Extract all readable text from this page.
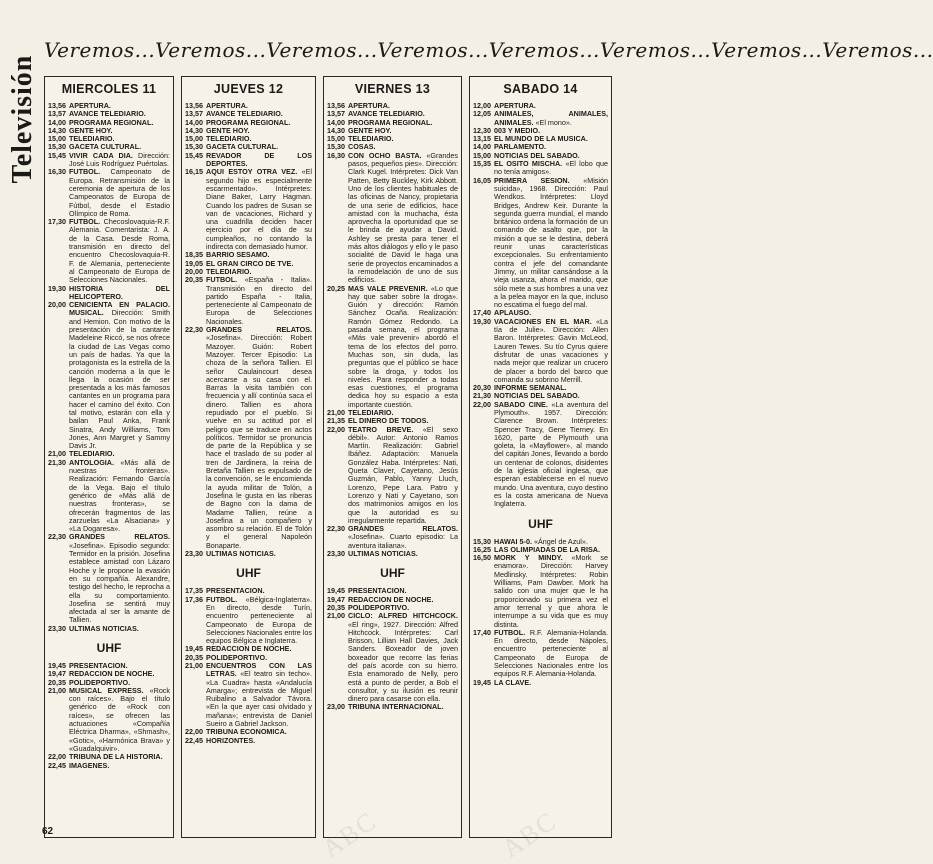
Televisión
Veremos...Veremos...Veremos...Veremos...Veremos...Veremos...Veremos...Veremos...
MIERCOLES 11
13,56 APERTURA.
13,57 AVANCE TELEDIARIO.
14,00 PROGRAMA REGIONAL.
14,30 GENTE HOY.
15,00 TELEDIARIO.
15,30 GACETA CULTURAL.
15,45 VIVIR CADA DIA. Dirección: José Luis Rodríguez Puértolas.
16,30 FUTBOL. Campeonato de Europa. Retransmisión de la ceremonia de apertura de los Campeonatos de Europa de Fútbol, desde el Estadio Olímpico de Roma.
17,30 FUTBOL. Checoslovaquia-R.F. Alemania. Comentarista: J. A. de la Casa. Desde Roma, transmisión en directo del encuentro Checoslovaquia-R. F. de Alemania, perteneciente al Campeonato de Europa de Selecciones Nacionales.
19,30 HISTORIA DEL HELICOPTERO.
20,00 CENICIENTA EN PALACIO. MUSICAL. Dirección: Smith and Hemion. Con motivo de la presentación de la cantante Madeleine Riccó, se nos ofrece la ciudad de Las Vegas como un país de hadas. Ya que la protagonista es la estrella de la canción moderna a la que le llega la ocasión de ser presentada a los más famosos cantantes en un programa para hacer el camino del éxito. Con tal motivo, estarán con ella y bailan Paul Anka, Frank Sinatra, Andy Williams, Tom Jones, Ann Margret y Sammy Davis Jr.
21,00 TELEDIARIO.
21,30 ANTOLOGIA. «Más allá de nuestras fronteras». Realización: Fernando García de la Vega. Bajo el título genérico de «Más allá de nuestras fronteras», se ofrecerán fragmentos de las zarzuelas «La Alsaciana» y «La Dogaresa».
22,30 GRANDES RELATOS. «Josefina». Episodio segundo: Termidor en la prisión. Josefina establece amistad con Lázaro Hoche y le propone la evasión en su compañía. Alexandre, testigo del hecho, le reprocha a ella su comportamiento. Josefina se sentirá muy afectada al ser la amante de Tallien.
23,30 ULTIMAS NOTICIAS.
UHF
19,45 PRESENTACION.
19,47 REDACCION DE NOCHE.
20,35 POLIDEPORTIVO.
21,00 MUSICAL EXPRESS. «Rock con raíces». Bajo el título genérico de «Rock con raíces», se ofrecen las actuaciones «Compañía Eléctrica Dharma», «Shmash», «Gotic», «Harmónica Brava» y «Guadalquivir».
22,00 TRIBUNA DE LA HISTORIA.
22,45 IMAGENES.
JUEVES 12
13,56 APERTURA.
13,57 AVANCE TELEDIARIO.
14,00 PROGRAMA REGIONAL.
14,30 GENTE HOY.
15,00 TELEDIARIO.
15,30 GACETA CULTURAL.
15,45 REVADOR DE LOS DEPORTES.
16,15 AQUI ESTOY OTRA VEZ. «El segundo hijo es especialmente escarmentado». Intérpretes: Diane Baker, Larry Hagman. Cuando los padres de Susan se van de vacaciones, Richard y una cuadrilla deciden hacer ejercicio por el día de su cumpleaños, no contando la indirecta con demasiado humor.
18,35 BARRIO SESAMO.
19,05 EL GRAN CIRCO DE TVE.
20,00 TELEDIARIO.
20,35 FUTBOL. «España - Italia». Transmisión en directo del partido España - Italia, perteneciente al Campeonato de Europa de Selecciones Nacionales.
22,30 GRANDES RELATOS. «Josefina». Dirección: Robert Mazoyer. Guión: Robert Mazoyer. Tercer Episodio: La choza de la señora Tallien. El señor Caulaincourt desea acercarse a su casa con el. Barras la visita también con frecuencia y allí continúa saca el dinero. Tallien es ahora repudiado por el pueblo. Si vuelve en su actitud por el peligro que se traduce en actos políticos. Termidor se pronuncia de parte de la República y se hace el traslado de su poder al tren de Jardinera, la reina de Bretaña Tallien es expulsado de la convención, se le encomienda la ayuda militar de Tolón, a Josefina le gusta en las riberas de Bagno con la dama de Madame Tallien, reúne a Josefina a un compañero y asombro su relación. El de Tolón y el general Napoleón Bonaparte.
23,30 ULTIMAS NOTICIAS.
UHF
17,35 PRESENTACION.
17,36 FUTBOL. «Bélgica-Inglaterra». En directo, desde Turín, encuentro perteneciente al Campeonato de Europa de Selecciones Nacionales entre los equipos Bélgica e Inglaterra.
19,45 REDACCION DE NOCHE.
20,35 POLIDEPORTIVO.
21,00 ENCUENTROS CON LAS LETRAS. «El teatro sin techo». «La Cuadra» hasta «Andalucía Amarga»; entrevista de Miguel Ruibalino a Salvador Távora. «En la que ayer casi olvidado y mañana»; entrevista de Daniel Sueiro a Gabriel Jackson.
22,00 TRIBUNA ECONOMICA.
22,45 HORIZONTES.
VIERNES 13
13,56 APERTURA.
13,57 AVANCE TELEDIARIO.
14,00 PROGRAMA REGIONAL.
14,30 GENTE HOY.
15,00 TELEDIARIO.
15,30 COSAS.
16,30 CON OCHO BASTA. «Grandes pasos, pequeños pies». Dirección: Clark Kugel. Intérpretes: Dick Van Patten, Betty Buckley, Kirk Abbott. Uno de los clientes habituales de las oficinas de Nancy, propietaria de una serie de edificios, hace amistad con la muchacha, ésta aprovecha la oportunidad que se le brinda de ayudar a David. Ashley se presta para tener el más altos diálogos y ello y le paso socialité de David le haga una serie de proyectos encaminados a la remodelación de uno de sus edificios.
20,25 MAS VALE PREVENIR. «Lo que hay que saber sobre la droga». Guión y dirección: Ramón Sánchez Ocaña. Realización: Ramón Gómez Redondo. La pasada semana, el programa «Más vale prevenir» abordó el tema de los efectos del porro. Muchas son, sin duda, las preguntas que el público se hace sobre la droga, y todos los niveles. Para responder a todas esas cuestiones, el programa dedica hoy su espacio a esta importante cuestión.
21,00 TELEDIARIO.
21,35 EL DINERO DE TODOS.
22,00 TEATRO BREVE. «El sexo débil». Autor: Antonio Ramos Martín. Realización: Gabriel Ibáñez. Adaptación: Manuela González Haba. Intérpretes: Nati, Queta Claver, Cayetano, Jesús Guzmán, Pablo, Yanny Lluch, Lorenzo, Pepe Lara. Patro y Lorenzo y Nati y Cayetano, son dos matrimonios amigos en los que la autoridad es su irregularmente repartida.
22,30 GRANDES RELATOS. «Josefina». Cuarto episodio: La aventura italiana».
23,30 ULTIMAS NOTICIAS.
UHF
19,45 PRESENTACION.
19,47 REDACCION DE NOCHE.
20,35 POLIDEPORTIVO.
21,00 CICLO: ALFRED HITCHCOCK. «El ring», 1927. Dirección: Alfred Hitchcock. Intérpretes: Carl Brisson, Lillian Hall Davies, Jack Sanders. Boxeador de joven boxeador que recorre las ferias del país acorde con su hierro. Esta enamorado de Nelly, pero está a punto de perder, a Bob el consultor, y su ilusión es reunir dinero para casarse con ella.
23,00 TRIBUNA INTERNACIONAL.
SABADO 14
12,00 APERTURA.
12,05 ANIMALES, ANIMALES, ANIMALES. «El mono».
12,30 003 Y MEDIO.
13,15 EL MUNDO DE LA MUSICA.
14,00 PARLAMENTO.
15,00 NOTICIAS DEL SABADO.
15,35 EL OSITO MISCHA. «El lobo que no tenía amigos».
16,05 PRIMERA SESION. «Misión suicida», 1968. Dirección: Paul Wendkos. Intérpretes: Lloyd Bridges, Andrew Keir. Durante la segunda guerra mundial, el mando británico ordena la formación de un comando de asalto que, por la misión a que se le destina, deberá reunir unas características excepcionales. Su enfrentamiento contra el jefe del comandante Jimmy, un militar cansándose a la vieja usanza, ahora el marido, que sólo mete a sus hombres a una vez a la pelea mayor en la que, incluso no escatima el fuego del mal.
17,40 APLAUSO.
19,30 VACACIONES EN EL MAR. «La tía de Julie». Dirección: Allen Baron. Intérpretes: Gavin McLeod, Lauren Tewes. Su tío Cyrus quiere disfrutar de unas vacaciones y nada mejor que realizar un crucero de placer a bordo del barco que comanda su sobrino Merrill.
20,30 INFORME SEMANAL.
21,30 NOTICIAS DEL SABADO.
22,00 SABADO CINE. «La aventura del Plymouth». 1957. Dirección: Clarence Brown. Intérpretes: Spencer Tracy, Gene Tierney. En 1620, parte de Plymouth una goleta, la «Mayflower», al mando del capitán Jones, llevando a bordo un centenar de colonos, disidentes de la iglesia oficial inglesa, que esperan establecerse en el nuevo mundo. Una aventura, cuyo destino es la costa americana de Nueva Inglaterra.
UHF
15,30 HAWAI 5-0. «Ángel de Azul».
16,25 LAS OLIMPIADAS DE LA RISA.
16,50 MORK Y MINDY. «Mork se enamora». Dirección: Harvey Medlinsky. Intérpretes: Robin Williams, Pam Dawber. Mork ha salido con una mujer que le ha proporcionado su primera vez el amor terrenal y que ahora le interrumpe a su vida que es muy distinta.
17,40 FUTBOL. R.F. Alemania-Holanda. En directo, desde Nápoles, encuentro perteneciente al Campeonato de Europa de Selecciones Nacionales entre los equipos R.F. Alemania-Holanda.
19,45 LA CLAVE.
62
